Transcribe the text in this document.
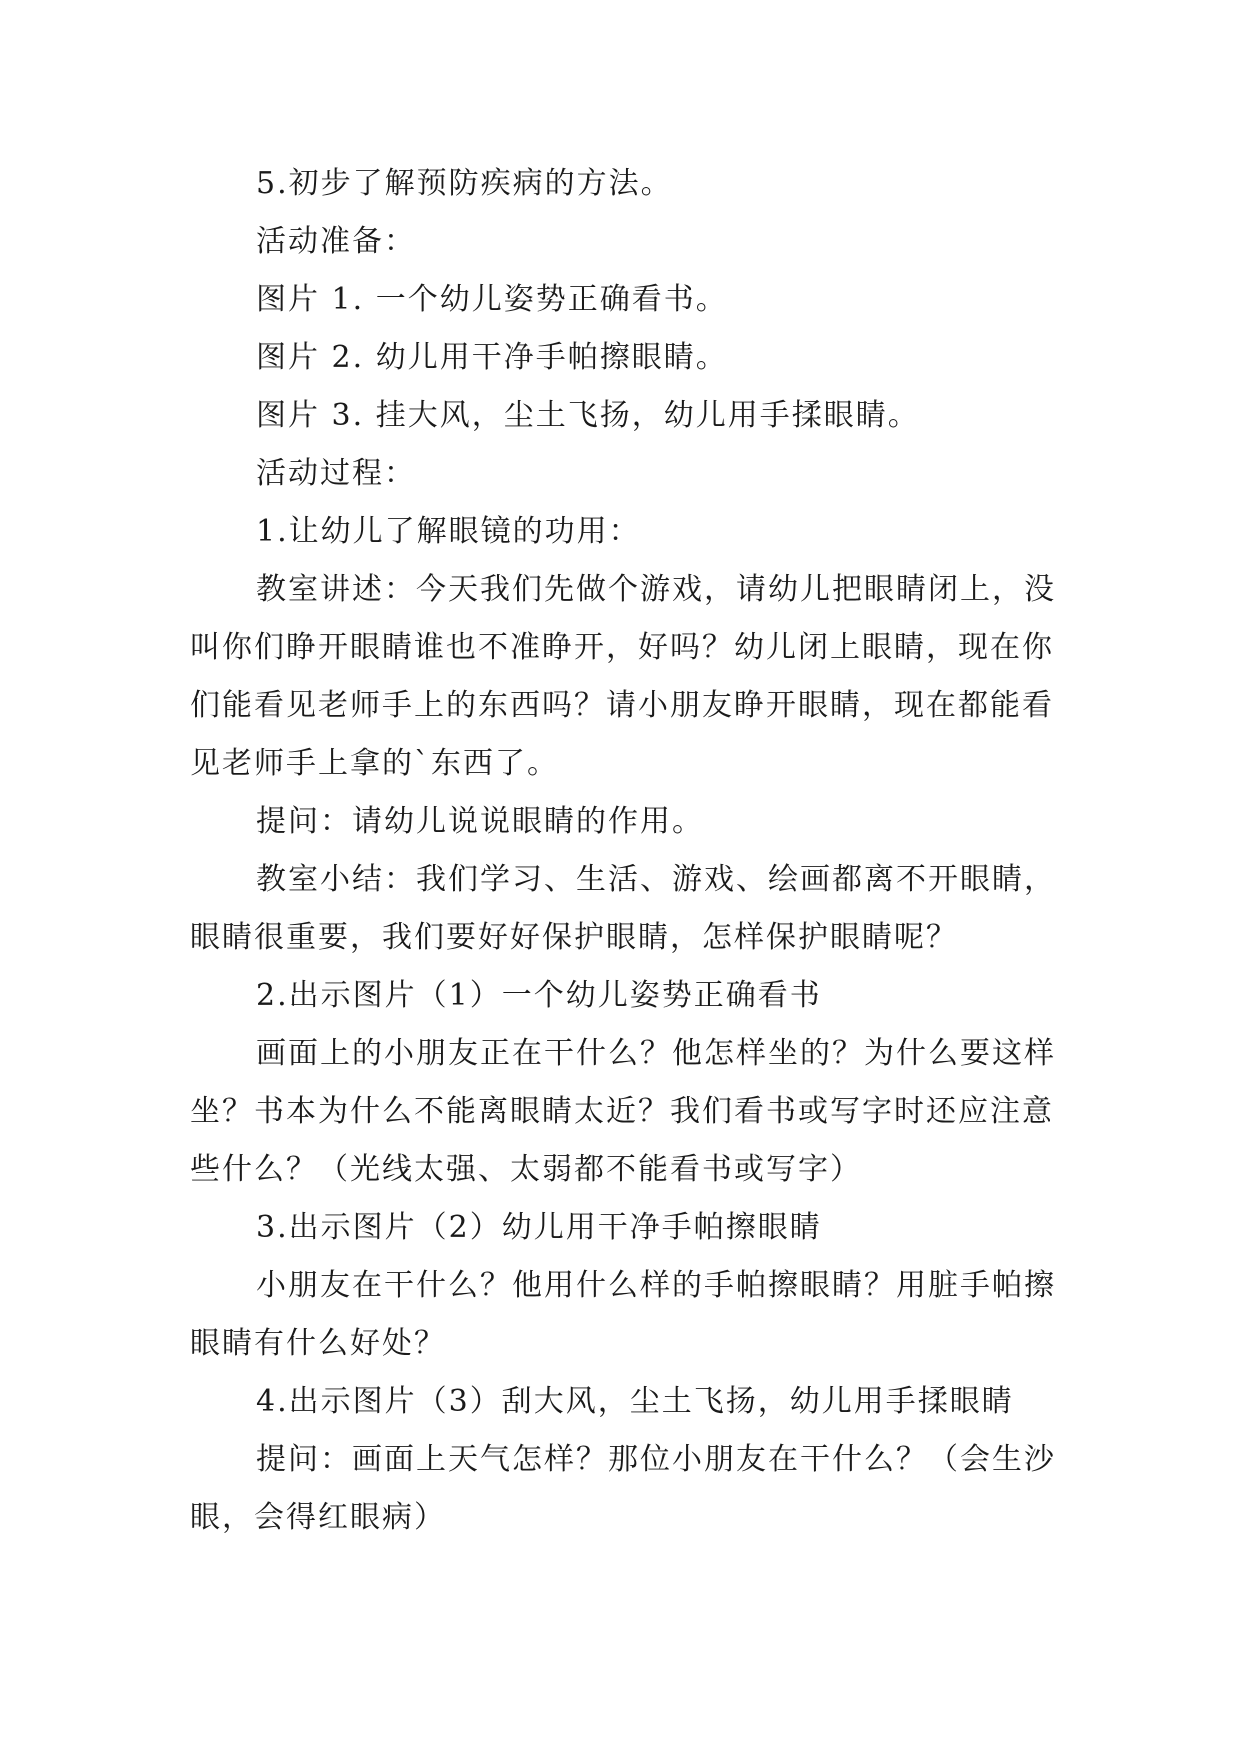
5.初步了解预防疾病的方法。

活动准备：

图片 1. 一个幼儿姿势正确看书。

图片 2. 幼儿用干净手帕擦眼睛。

图片 3. 挂大风，尘土飞扬，幼儿用手揉眼睛。

活动过程：

1.让幼儿了解眼镜的功用：

教室讲述：今天我们先做个游戏，请幼儿把眼睛闭上，没叫你们睁开眼睛谁也不准睁开，好吗？幼儿闭上眼睛，现在你们能看见老师手上的东西吗？请小朋友睁开眼睛，现在都能看见老师手上拿的`东西了。

提问：请幼儿说说眼睛的作用。

教室小结：我们学习、生活、游戏、绘画都离不开眼睛，眼睛很重要，我们要好好保护眼睛，怎样保护眼睛呢？

2.出示图片（1）一个幼儿姿势正确看书

画面上的小朋友正在干什么？他怎样坐的？为什么要这样坐？书本为什么不能离眼睛太近？我们看书或写字时还应注意些什么？（光线太强、太弱都不能看书或写字）

3.出示图片（2）幼儿用干净手帕擦眼睛

小朋友在干什么？他用什么样的手帕擦眼睛？用脏手帕擦眼睛有什么好处？

4.出示图片（3）刮大风，尘土飞扬，幼儿用手揉眼睛

提问：画面上天气怎样？那位小朋友在干什么？（会生沙眼，会得红眼病）
